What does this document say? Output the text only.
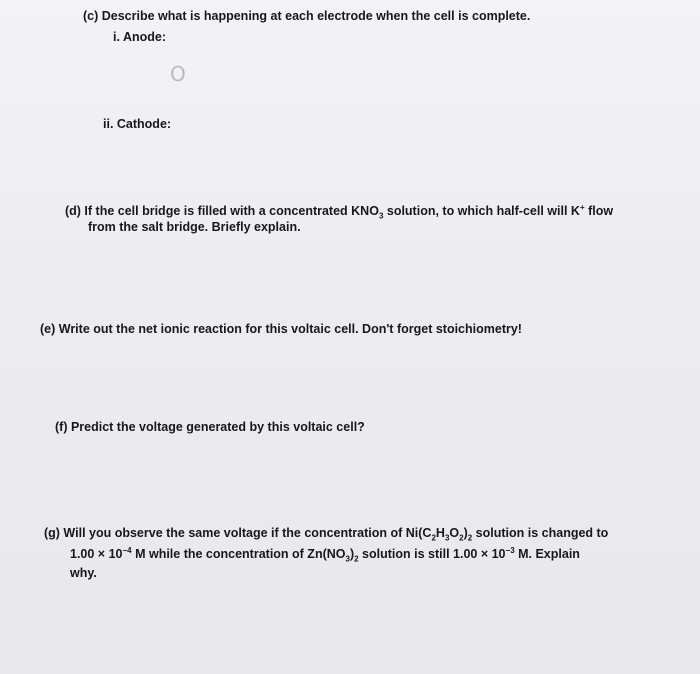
(c) Describe what is happening at each electrode when the cell is complete.
i. Anode:
O
ii. Cathode:
(d) If the cell bridge is filled with a concentrated $KNO_3$ solution, to which half-cell will K+ flow
from the salt bridge. Briefly explain.
(e) Write out the net ionic reaction for this voltaic cell. Don't forget stoichiometry!
(f) Predict the voltage generated by this voltaic cell?
(g) Will you observe the same voltage if the concentration of $Ni(C_2H_3O_2)_2$ solution is changed to
$1.00 \times 10^{-4}$ M while the concentration of $Zn(NO_3)_2$ solution is still $1.00 \times 10^{-3}$ M. Explain
why.
